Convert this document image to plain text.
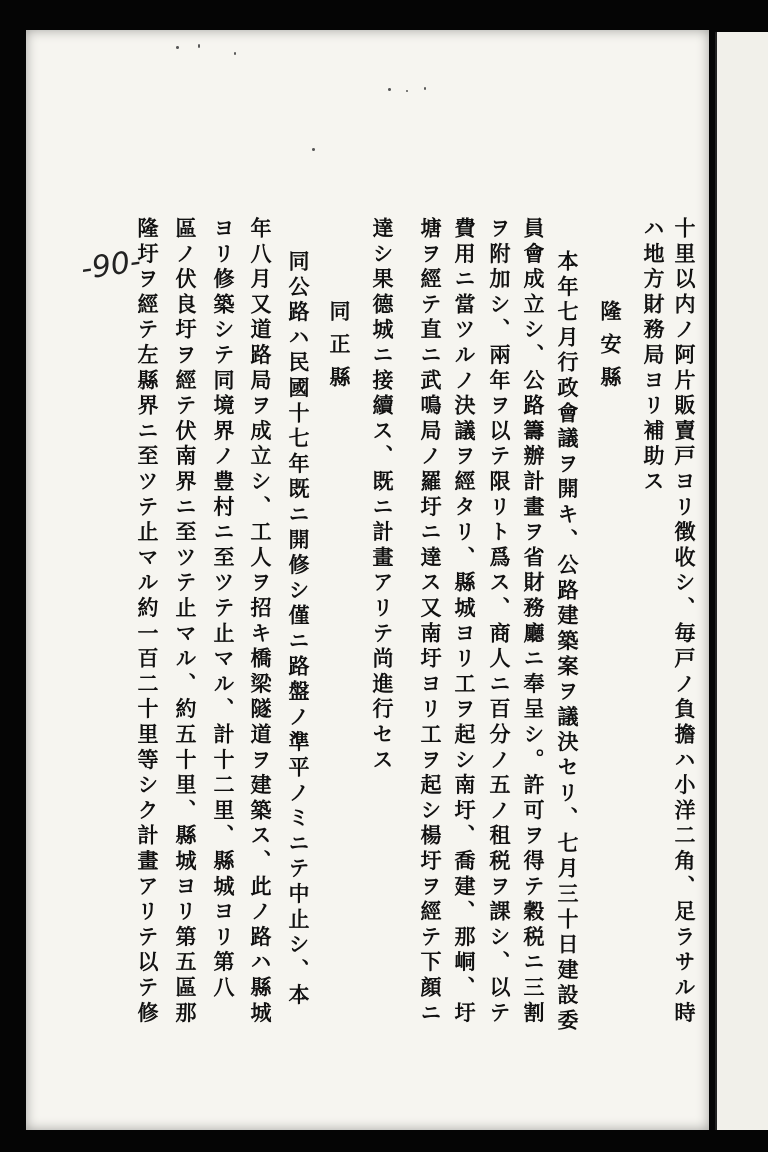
-90-	十里以内ノ阿片販賣戸ヨリ徴收シ、毎戸ノ負擔ハ小洋二角、足ラサル時
ハ地方財務局ヨリ補助ス
隆安縣
本年七月行政會議ヲ開キ、公路建築案ヲ議決セリ、七月三十日建設委
員會成立シ、公路籌辦計畫ヲ省財務廳ニ奉呈シ。許可ヲ得テ穀税ニ三割
ヲ附加シ、兩年ヲ以テ限リト爲ス、商人ニ百分ノ五ノ租税ヲ課シ、以テ
費用ニ當ツルノ決議ヲ經タリ、縣城ヨリ工ヲ起シ南圩、喬建、那峒、圩
塘ヲ經テ直ニ武鳴局ノ羅圩ニ達ス又南圩ヨリ工ヲ起シ楊圩ヲ經テ下顔ニ
達シ果德城ニ接續ス、既ニ計畫アリテ尚進行セス
同正縣
同公路ハ民國十七年既ニ開修シ僅ニ路盤ノ準平ノミニテ中止シ、本
年八月又道路局ヲ成立シ、工人ヲ招キ橋梁隧道ヲ建築ス、此ノ路ハ縣城
ヨリ修築シテ同境界ノ豊村ニ至ツテ止マル、計十二里、縣城ヨリ第八
區ノ伏良圩ヲ經テ伏南界ニ至ツテ止マル、約五十里、縣城ヨリ第五區那
隆圩ヲ經テ左縣界ニ至ツテ止マル約一百二十里等シク計畫アリテ以テ修
